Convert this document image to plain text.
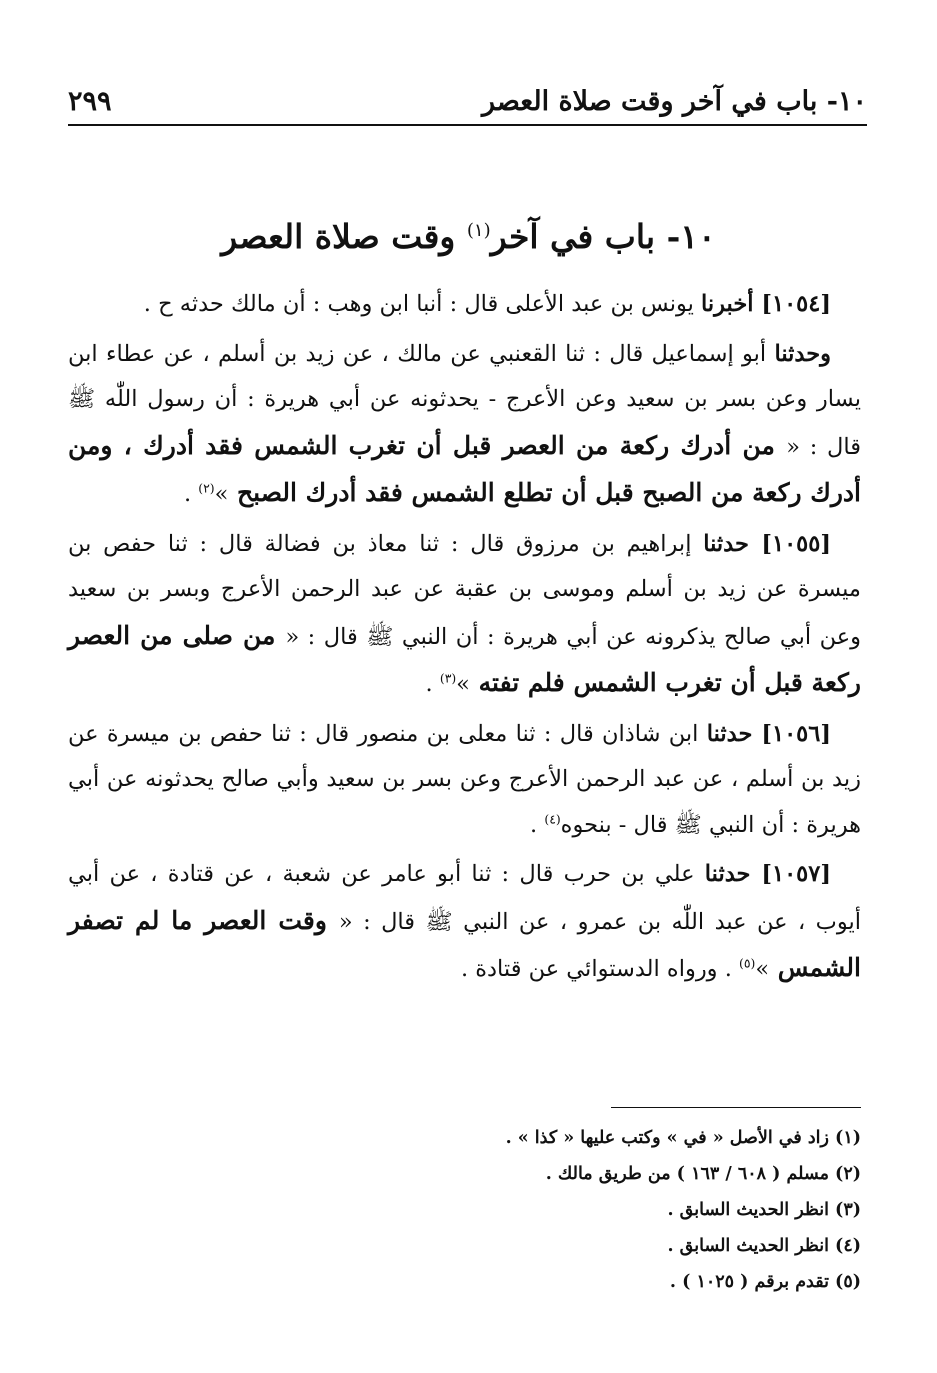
١٠- باب في آخر وقت صلاة العصر
٢٩٩
١٠- باب في آخر$^{(١)}$ وقت صلاة العصر

[١٠٥٤] أخبرنا يونس بن عبد الأعلى قال : أنبا ابن وهب : أن مالك حدثه ح .

وحدثنا أبو إسماعيل قال : ثنا القعنبي عن مالك ، عن زيد بن أسلم ، عن عطاء ابن يسار وعن بسر بن سعيد وعن الأعرج - يحدثونه عن أبي هريرة : أن رسول اللّٰه ﷺ قال : « من أدرك ركعة من العصر قبل أن تغرب الشمس فقد أدرك ، ومن أدرك ركعة من الصبح قبل أن تطلع الشمس فقد أدرك الصبح »$^{(٢)}$ .

[١٠٥٥] حدثنا إبراهيم بن مرزوق قال : ثنا معاذ بن فضالة قال : ثنا حفص بن ميسرة عن زيد بن أسلم وموسى بن عقبة عن عبد الرحمن الأعرج وبسر بن سعيد وعن أبي صالح يذكرونه عن أبي هريرة : أن النبي ﷺ قال : « من صلى من العصر ركعة قبل أن تغرب الشمس فلم تفته »$^{(٣)}$ .

[١٠٥٦] حدثنا ابن شاذان قال : ثنا معلى بن منصور قال : ثنا حفص بن ميسرة عن زيد بن أسلم ، عن عبد الرحمن الأعرج وعن بسر بن سعيد وأبي صالح يحدثونه عن أبي هريرة : أن النبي ﷺ قال - بنحوه$^{(٤)}$ .

[١٠٥٧] حدثنا علي بن حرب قال : ثنا أبو عامر عن شعبة ، عن قتادة ، عن أبي أيوب ، عن عبد اللّٰه بن عمرو ، عن النبي ﷺ قال : « وقت العصر ما لم تصفر الشمس »$^{(٥)}$ . ورواه الدستوائي عن قتادة .

(١) زاد في الأصل « في » وكتب عليها « كذا » .
(٢) مسلم ( ٦٠٨ / ١٦٣ ) من طريق مالك .
(٣) انظر الحديث السابق .
(٤) انظر الحديث السابق .
(٥) تقدم برقم ( ١٠٢٥ ) .
